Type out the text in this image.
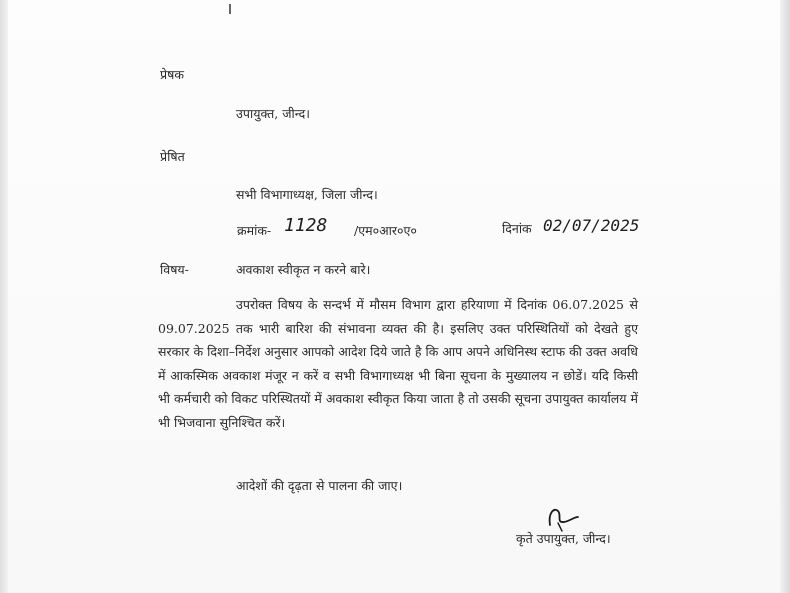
प्रेषक
उपायुक्त, जीन्द।
प्रेषित
सभी विभागाध्यक्ष, जिला जीन्द।
क्रमांक- 1128 /एम०आर०ए०	दिनांक 02/07/2025
विषय-	अवकाश स्वीकृत न करने बारे।
उपरोक्त विषय के सन्दर्भ में मौसम विभाग द्वारा हरियाणा में दिनांक 06.07.2025 से 09.07.2025 तक भारी बारिश की संभावना व्यक्त की है। इसलिए उक्त परिस्थितियों को देखते हुए सरकार के दिशा–निर्देश अनुसार आपको आदेश दिये जाते है कि आप अपने अधिनिस्थ स्टाफ की उक्त अवधि में आकस्मिक अवकाश मंजूर न करें व सभी विभागाध्यक्ष भी बिना सूचना के मुख्यालय न छोडें। यदि किसी भी कर्मचारी को विकट परिस्थितयों में अवकाश स्वीकृत किया जाता है तो उसकी सूचना उपायुक्त कार्यालय में भी भिजवाना सुनिश्चित करें।
आदेशों की दृढ़ता से पालना की जाए।
कृते उपायुक्त, जीन्द।
